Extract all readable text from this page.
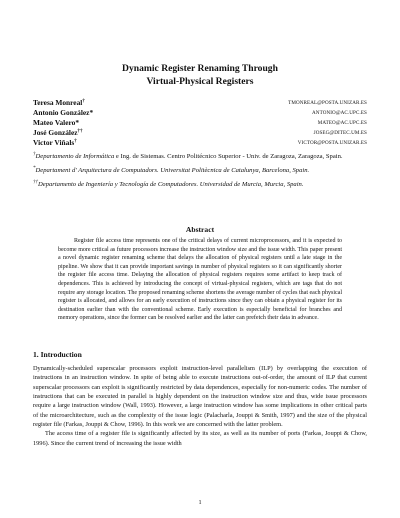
Dynamic Register Renaming Through
Virtual-Physical Registers
Teresa Monreal†	TMONREAL@POSTA.UNIZAR.ES
Antonio González*	ANTONIO@AC.UPC.ES
Mateo Valero*	MATEO@AC.UPC.ES
José González††	JOSEG@DITEC.UM.ES
Victor Viñals†	VICTOR@POSTA.UNIZAR.ES

†Departamento de Informática e Ing. de Sistemas. Centro Politécnico Superior - Univ. de Zaragoza, Zaragoza, Spain.

*Departament d' Arquitectura de Computadors. Universitat Politècnica de Catalunya, Barcelona, Spain.

††Departamento de Ingeniería y Tecnología de Computadores. Universidad de Murcia, Murcia, Spain.

Abstract

Register file access time represents one of the critical delays of current microprocessors, and it is expected to become more critical as future processors increase the instruction window size and the issue width. This paper present a novel dynamic register renaming scheme that delays the allocation of physical registers until a late stage in the pipeline. We show that it can provide important savings in number of physical registers so it can significantly shorter the register file access time. Delaying the allocation of physical registers requires some artifact to keep track of dependences. This is achieved by introducing the concept of virtual-physical registers, which are tags that do not require any storage location. The proposed renaming scheme shortens the average number of cycles that each physical register is allocated, and allows for an early execution of instructions since they can obtain a physical register for its destination earlier than with the conventional scheme. Early execution is especially beneficial for branches and memory operations, since the former can be resolved earlier and the latter can prefetch their data in advance.

1. Introduction

Dynamically-scheduled superscalar processors exploit instruction-level parallelism (ILP) by overlapping the execution of instructions in an instruction window. In spite of being able to execute instructions out-of-order, the amount of ILP that current superscalar processors can exploit is significantly restricted by data dependences, especially for non-numeric codes. The number of instructions that can be executed in parallel is highly dependent on the instruction window size and thus, wide issue processors require a large instruction window (Wall, 1993). However, a large instruction window has some implications in other critical parts of the microarchitecture, such as the complexity of the issue logic (Palacharla, Jouppi & Smith, 1997) and the size of the physical register file (Farkas, Jouppi & Chow, 1996). In this work we are concerned with the latter problem.

The access time of a register file is significantly affected by its size, as well as its number of ports (Farkas, Jouppi & Chow, 1996). Since the current trend of increasing the issue width

1
